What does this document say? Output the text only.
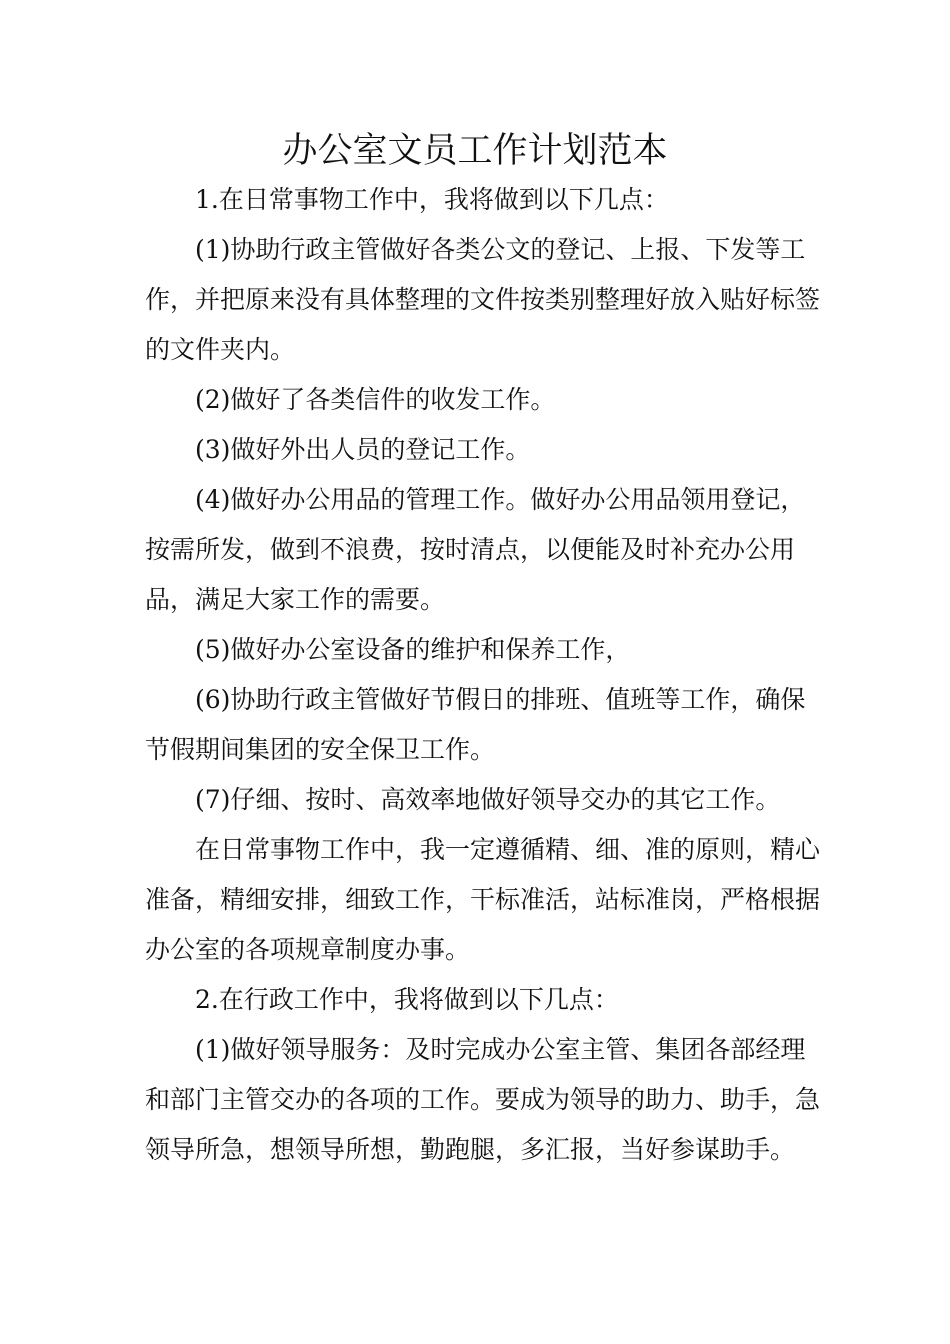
办公室文员工作计划范本

1.在日常事物工作中，我将做到以下几点：

(1)协助行政主管做好各类公文的登记、上报、下发等工作，并把原来没有具体整理的文件按类别整理好放入贴好标签的文件夹内。

(2)做好了各类信件的收发工作。

(3)做好外出人员的登记工作。

(4)做好办公用品的管理工作。做好办公用品领用登记，按需所发，做到不浪费，按时清点，以便能及时补充办公用品，满足大家工作的需要。

(5)做好办公室设备的维护和保养工作，

(6)协助行政主管做好节假日的排班、值班等工作，确保节假期间集团的安全保卫工作。

(7)仔细、按时、高效率地做好领导交办的其它工作。

在日常事物工作中，我一定遵循精、细、准的原则，精心准备，精细安排，细致工作，干标准活，站标准岗，严格根据办公室的各项规章制度办事。

2.在行政工作中，我将做到以下几点：

(1)做好领导服务：及时完成办公室主管、集团各部经理和部门主管交办的各项的工作。要成为领导的助力、助手，急领导所急，想领导所想，勤跑腿，多汇报，当好参谋助手。
